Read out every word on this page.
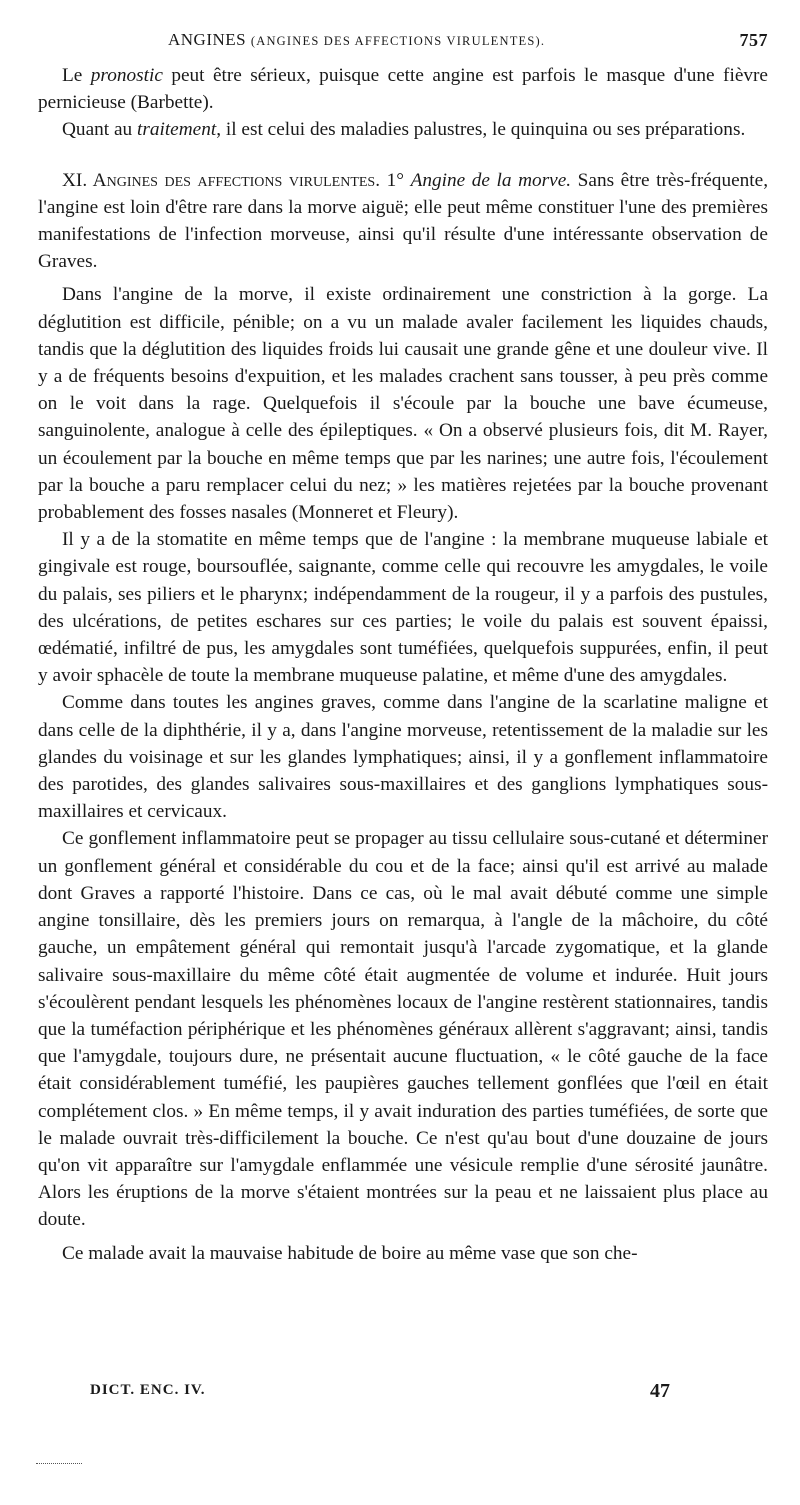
ANGINES (ANGINES DES AFFECTIONS VIRULENTES).	757

Le pronostic peut être sérieux, puisque cette angine est parfois le masque d'une fièvre pernicieuse (Barbette).

Quant au traitement, il est celui des maladies palustres, le quinquina ou ses préparations.

XI. Angines des affections virulentes. 1° Angine de la morve. Sans être très-fréquente, l'angine est loin d'être rare dans la morve aiguë; elle peut même constituer l'une des premières manifestations de l'infection morveuse, ainsi qu'il résulte d'une intéressante observation de Graves.

Dans l'angine de la morve, il existe ordinairement une constriction à la gorge. La déglutition est difficile, pénible; on a vu un malade avaler facilement les liquides chauds, tandis que la déglutition des liquides froids lui causait une grande gêne et une douleur vive. Il y a de fréquents besoins d'expuition, et les malades crachent sans tousser, à peu près comme on le voit dans la rage. Quelquefois il s'écoule par la bouche une bave écumeuse, sanguinolente, analogue à celle des épileptiques. « On a observé plusieurs fois, dit M. Rayer, un écoulement par la bouche en même temps que par les narines; une autre fois, l'écoulement par la bouche a paru remplacer celui du nez; » les matières rejetées par la bouche provenant probablement des fosses nasales (Monneret et Fleury).

Il y a de la stomatite en même temps que de l'angine : la membrane muqueuse labiale et gingivale est rouge, boursouflée, saignante, comme celle qui recouvre les amygdales, le voile du palais, ses piliers et le pharynx; indépendamment de la rougeur, il y a parfois des pustules, des ulcérations, de petites eschares sur ces parties; le voile du palais est souvent épaissi, œdématié, infiltré de pus, les amygdales sont tuméfiées, quelquefois suppurées, enfin, il peut y avoir sphacèle de toute la membrane muqueuse palatine, et même d'une des amygdales.

Comme dans toutes les angines graves, comme dans l'angine de la scarlatine maligne et dans celle de la diphthérie, il y a, dans l'angine morveuse, retentissement de la maladie sur les glandes du voisinage et sur les glandes lymphatiques; ainsi, il y a gonflement inflammatoire des parotides, des glandes salivaires sous-maxillaires et des ganglions lymphatiques sous-maxillaires et cervicaux.

Ce gonflement inflammatoire peut se propager au tissu cellulaire sous-cutané et déterminer un gonflement général et considérable du cou et de la face; ainsi qu'il est arrivé au malade dont Graves a rapporté l'histoire. Dans ce cas, où le mal avait débuté comme une simple angine tonsillaire, dès les premiers jours on remarqua, à l'angle de la mâchoire, du côté gauche, un empâtement général qui remontait jusqu'à l'arcade zygomatique, et la glande salivaire sous-maxillaire du même côté était augmentée de volume et indurée. Huit jours s'écoulèrent pendant lesquels les phénomènes locaux de l'angine restèrent stationnaires, tandis que la tuméfaction périphérique et les phénomènes généraux allèrent s'aggravant; ainsi, tandis que l'amygdale, toujours dure, ne présentait aucune fluctuation, « le côté gauche de la face était considérablement tuméfié, les paupières gauches tellement gonflées que l'œil en était complétement clos. » En même temps, il y avait induration des parties tuméfiées, de sorte que le malade ouvrait très-difficilement la bouche. Ce n'est qu'au bout d'une douzaine de jours qu'on vit apparaître sur l'amygdale enflammée une vésicule remplie d'une sérosité jaunâtre. Alors les éruptions de la morve s'étaient montrées sur la peau et ne laissaient plus place au doute.

Ce malade avait la mauvaise habitude de boire au même vase que son che-

DICT. ENC. IV.	47
